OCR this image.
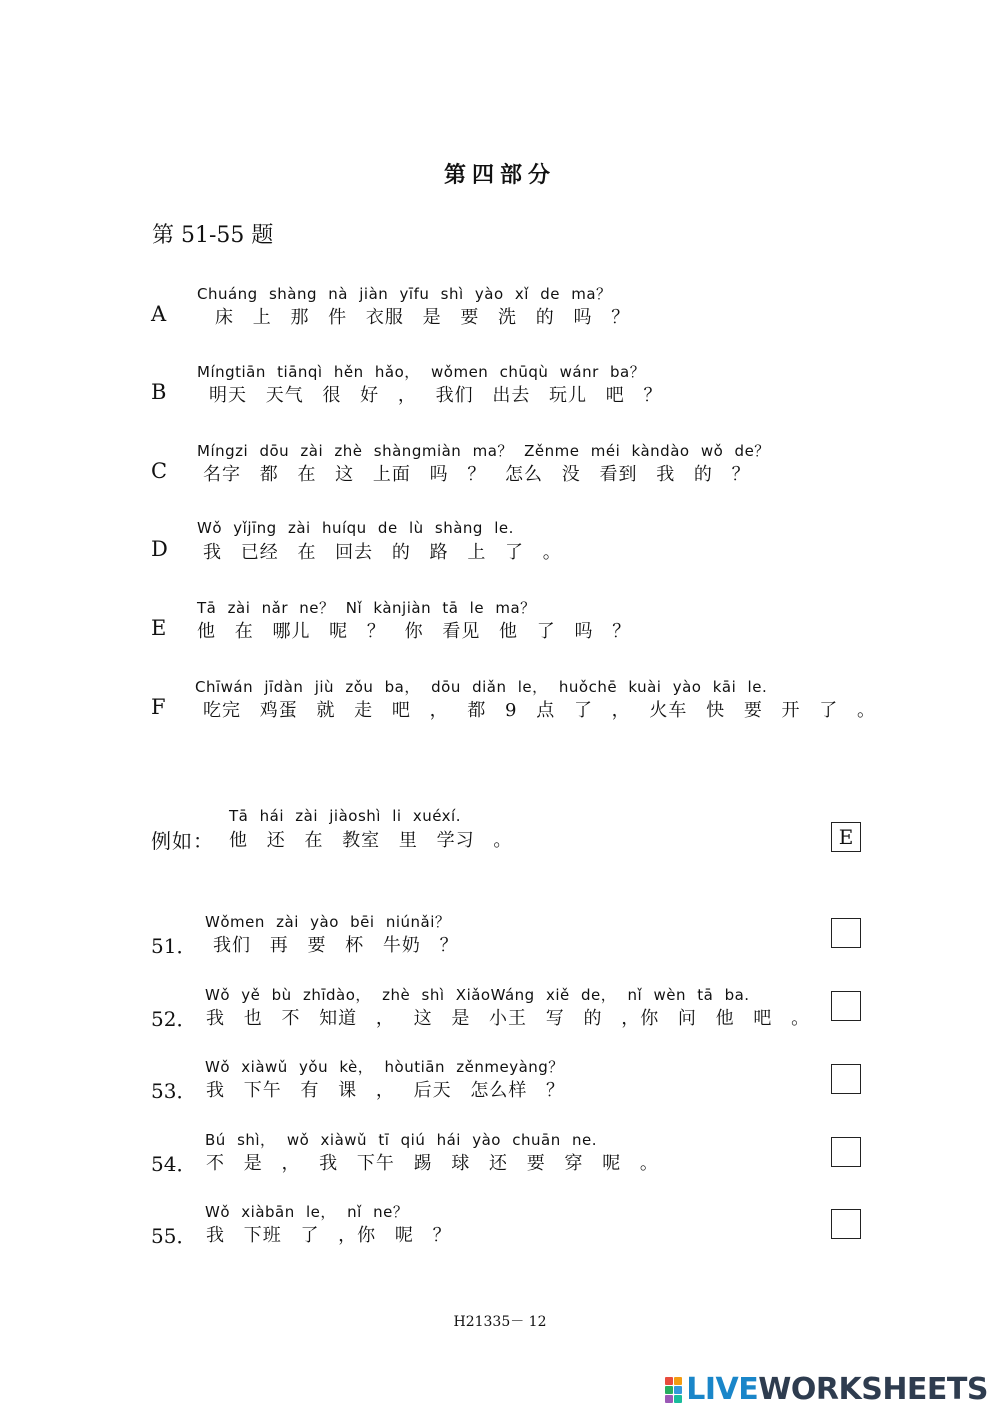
第四部分
第 51-55 题
Chuáng shàng nà jiàn yīfu shì yào xǐ de ma？
A	床 上 那 件 衣服 是 要 洗 的 吗 ？
Míngtiān tiānqì hěn hǎo， wǒmen chūqù wánr ba？
B 明天 天气 很 好 ， 我们 出去 玩儿 吧 ？
Míngzi dōu zài zhè shàngmiàn ma？ Zěnme méi kàndào wǒ de？
C 名字 都 在 这 上面 吗 ？ 怎么 没 看到 我 的 ？
Wǒ yǐjīng zài huíqu de lù shàng le.
D 我 已经 在 回去 的 路 上 了 。
Tā zài nǎr ne？ Nǐ kànjiàn tā le ma？
E 他 在 哪儿 呢 ？ 你 看见 他 了 吗 ？
Chīwán jīdàn jiù zǒu ba， dōu diǎn le， huǒchē kuài yào kāi le.
F 吃完 鸡蛋 就 走 吧 ， 都 9 点 了 ， 火车 快 要 开 了 。
Tā hái zài jiàoshì li xuéxí.
例如： 他 还 在 教室 里 学习 。	E
Wǒmen zài yào bēi niúnǎi？
51． 我们 再 要 杯 牛奶 ？
Wǒ yě bù zhīdào， zhè shì XiǎoWáng xiě de， nǐ wèn tā ba.
52． 我 也 不 知道 ， 这 是 小王 写 的 ，你 问 他 吧 。
Wǒ xiàwǔ yǒu kè， hòutiān zěnmeyàng？
53． 我 下午 有 课 ， 后天 怎么样 ？
Bú shì， wǒ xiàwǔ tī qiú hái yào chuān ne.
54． 不 是 ， 我 下午 踢 球 还 要 穿 呢 。
Wǒ xiàbān le， nǐ ne？
55． 我 下班 了 ，你 呢 ？
H21335－ 12
LIVE WORKSHEETS
